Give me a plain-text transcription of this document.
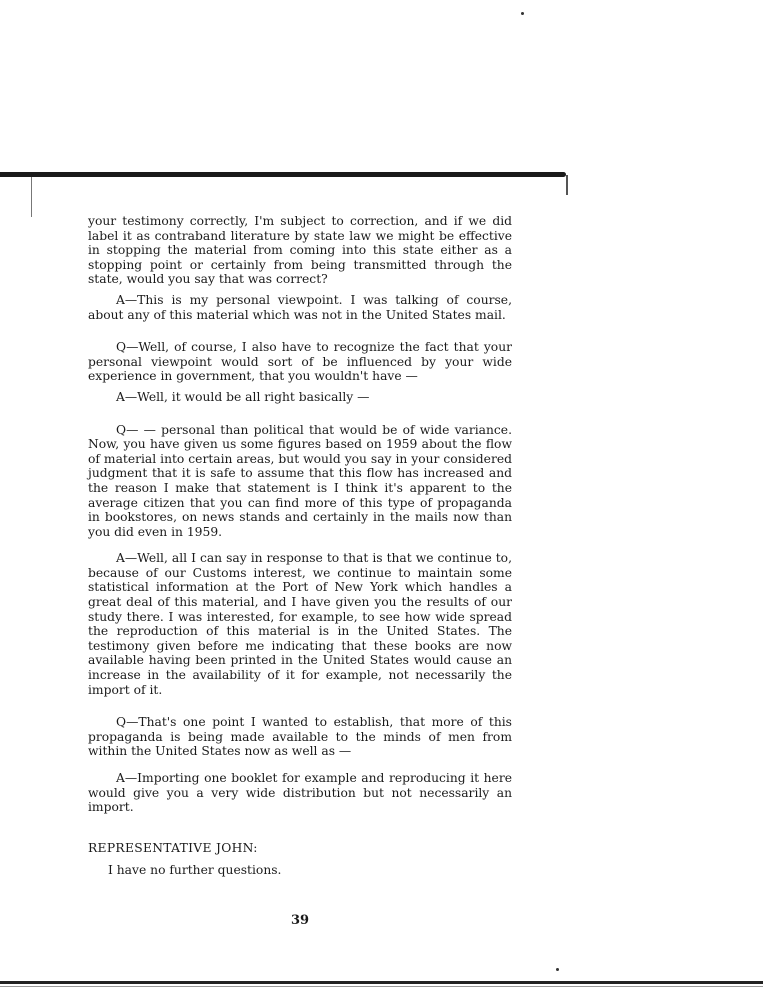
your testimony correctly, I'm subject to correction, and if we did label it as contraband literature by state law we might be effective in stopping the material from coming into this state either as a stopping point or certainly from being transmitted through the state, would you say that was correct?

A—This is my personal viewpoint. I was talking of course, about any of this material which was not in the United States mail.

Q—Well, of course, I also have to recognize the fact that your personal viewpoint would sort of be influenced by your wide experience in government, that you wouldn't have —

A—Well, it would be all right basically —

Q— — personal than political that would be of wide variance. Now, you have given us some figures based on 1959 about the flow of material into certain areas, but would you say in your considered judgment that it is safe to assume that this flow has increased and the reason I make that statement is I think it's apparent to the average citizen that you can find more of this type of propaganda in bookstores, on news stands and certainly in the mails now than you did even in 1959.

A—Well, all I can say in response to that is that we continue to, because of our Customs interest, we continue to maintain some statistical information at the Port of New York which handles a great deal of this material, and I have given you the results of our study there. I was interested, for example, to see how wide spread the reproduction of this material is in the United States. The testimony given before me indicating that these books are now available having been printed in the United States would cause an increase in the availability of it for example, not necessarily the import of it.

Q—That's one point I wanted to establish, that more of this propaganda is being made available to the minds of men from within the United States now as well as —

A—Importing one booklet for example and reproducing it here would give you a very wide distribution but not necessarily an import.

REPRESENTATIVE JOHN:

I have no further questions.

39
